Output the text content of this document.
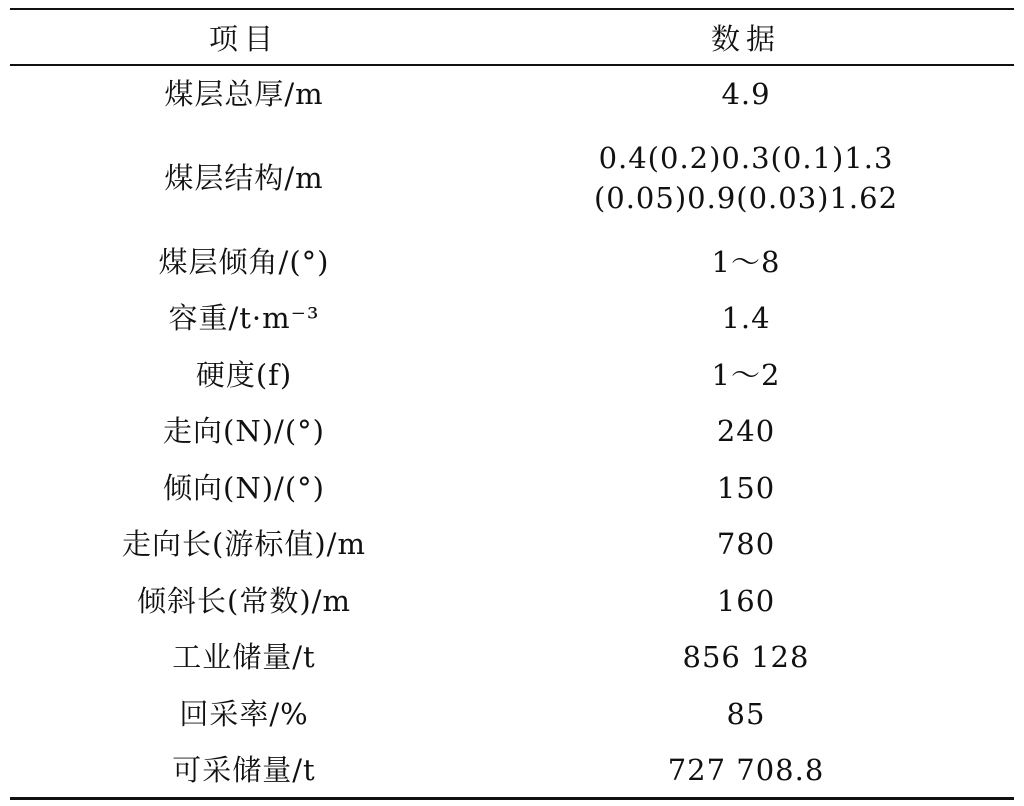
项目	数据
煤层总厚/m	4.9
煤层结构/m	0.4(0.2)0.3(0.1)1.3
(0.05)0.9(0.03)1.62

煤层倾角/(°)	1～8
容重/t·m⁻³	1.4
硬度(f)	1～2
走向(N)/(°)	240
倾向(N)/(°)	150
走向长(游标值)/m	780
倾斜长(常数)/m	160
工业储量/t	856 128
回采率/%	85
可采储量/t	727 708.8
